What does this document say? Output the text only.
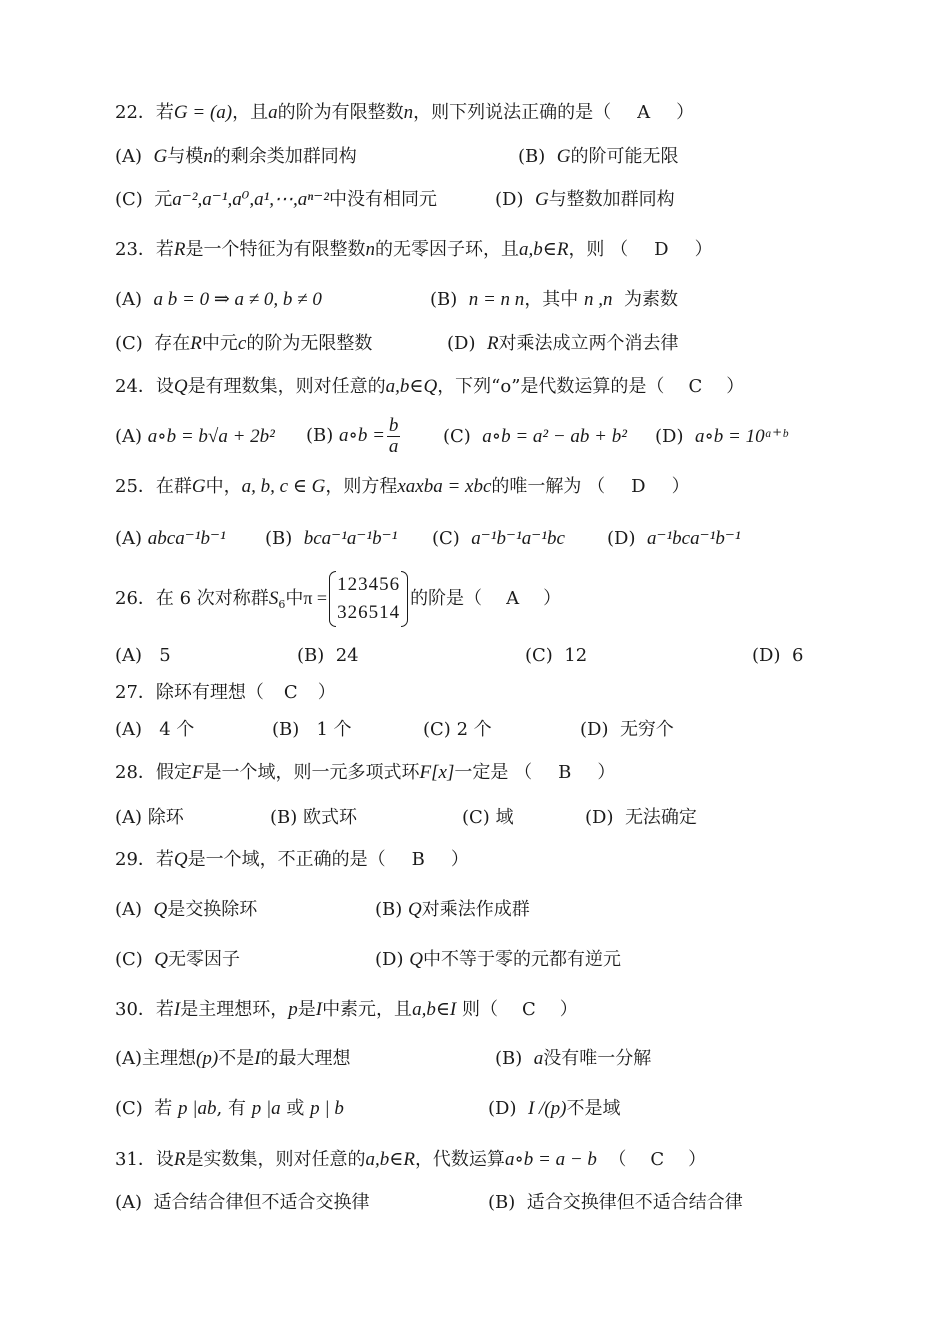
22．若G = (a)，且a的阶为有限整数n，则下列说法正确的是（ A ）
(A) G与模n的剩余类加群同构	(B) G的阶可能无限
(C) 元a⁻²,a⁻¹,a⁰,a¹,⋯,aⁿ⁻²中没有相同元	(D) G与整数加群同构
23．若R是一个特征为有限整数n的无零因子环，且a,b∈R，则 （ D ）
(A) a b = 0 ⇒ a ≠ 0, b ≠ 0	(B) n = n n，其中 n ,n 为素数
(C) 存在R中元c的阶为无限整数	(D) R对乘法成立两个消去律
24．设Q是有理数集，则对任意的a,b∈Q，下列“o”是代数运算的是（ C ）
(A) a∘b = b√a + 2b² (B) a∘b = $\frac{b}{a} (C)$ a∘b = a² − ab + b² (D) a∘b = 10ᵃ⁺ᵇ
25．在群G中，a, b, c ∈ G，则方程xaxba = xbc的唯一解为 （ D ）
(A) abca⁻¹b⁻¹ (B) bca⁻¹a⁻¹b⁻¹ (C) a⁻¹b⁻¹a⁻¹bc (D) a⁻¹bca⁻¹b⁻¹
26．在 6 次对称群$S_6$中π =
123456
326514
的阶是（ A ）
(A) 5	(B) 24	(C) 12	(D) 6
27．除环有理想（ C ）
(A) 4 个	(B) 1 个	(C) 2 个	(D) 无穷个
28．假定F是一个域，则一元多项式环F[x]一定是 （ B ）
(A) 除环	(B) 欧式环	(C) 域	(D) 无法确定
29．若Q是一个域，不正确的是（ B ）
(A) Q是交换除环	(B) Q对乘法作成群
(C) Q无零因子	(D) Q中不等于零的元都有逆元
30．若I是主理想环，p是I中素元，且a,b∈I 则（ C ）
(A)主理想(p)不是I的最大理想	(B) a没有唯一分解
(C) 若 p |ab, 有 p |a 或 p | b	(D) I /(p)不是域
31．设R是实数集，则对任意的a,b∈R，代数运算a∘b = a − b （ C ）
(A) 适合结合律但不适合交换律	(B) 适合交换律但不适合结合律
